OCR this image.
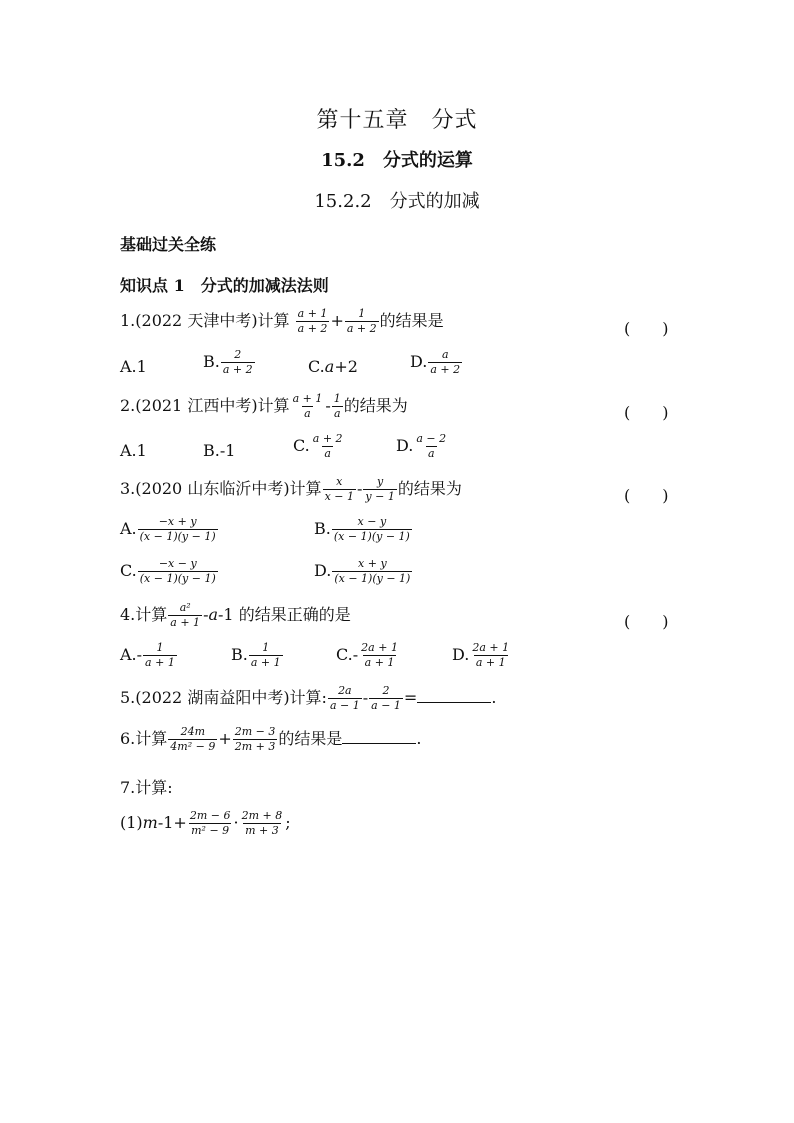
第十五章　分式
15.2　分式的运算
15.2.2　分式的加减
基础过关全练
知识点 1　分式的加减法法则
1.(2022 天津中考)计算 $\frac{a + 1}{a + 2} + \frac{1}{a + 2}$ 的结果是	(　　)
A.1	B. $\frac{2}{a + 2}$	C.a+2	D. $\frac{a}{a + 2}$
2.(2021 江西中考)计算 $\frac{a + 1}{a} - \frac{1}{a}$ 的结果为	(　　)
A.1	B.-1	C. $\frac{a + 2}{a}$	D. $\frac{a - 2}{a}$
3.(2020 山东临沂中考)计算 $\frac{x}{x - 1} - \frac{y}{y - 1}$ 的结果为	(　　)
A. $\frac{-x + y}{(x - 1)(y - 1)}$	B. $\frac{x - y}{(x - 1)(y - 1)}$
C. $\frac{-x - y}{(x - 1)(y - 1)}$	D. $\frac{x + y}{(x - 1)(y - 1)}$
4.计算 $\frac{\text{a²}}{a + 1} -a-1$ 的结果正确的是	(　　)
$A.- \frac{1}{a + 1}$	B. $\frac{1}{a + 1}$	$C.- \frac{2a + 1}{a + 1}$	D. $\frac{2a + 1}{a + 1}$
5.(2022 湖南益阳中考)计算: $\frac{2a}{a - 1} - \frac{2}{a - 1}$ =	.
6.计算 $\frac{24m}{\text{4m² − 9}} + \frac{2m - 3}{2m + 3}$ 的结果是	.
7.计算:
$(1)m-1+ \frac{2m - 6}{\text{m² − 9}} \cdot \frac{2m + 8}{m + 3}$ ;
